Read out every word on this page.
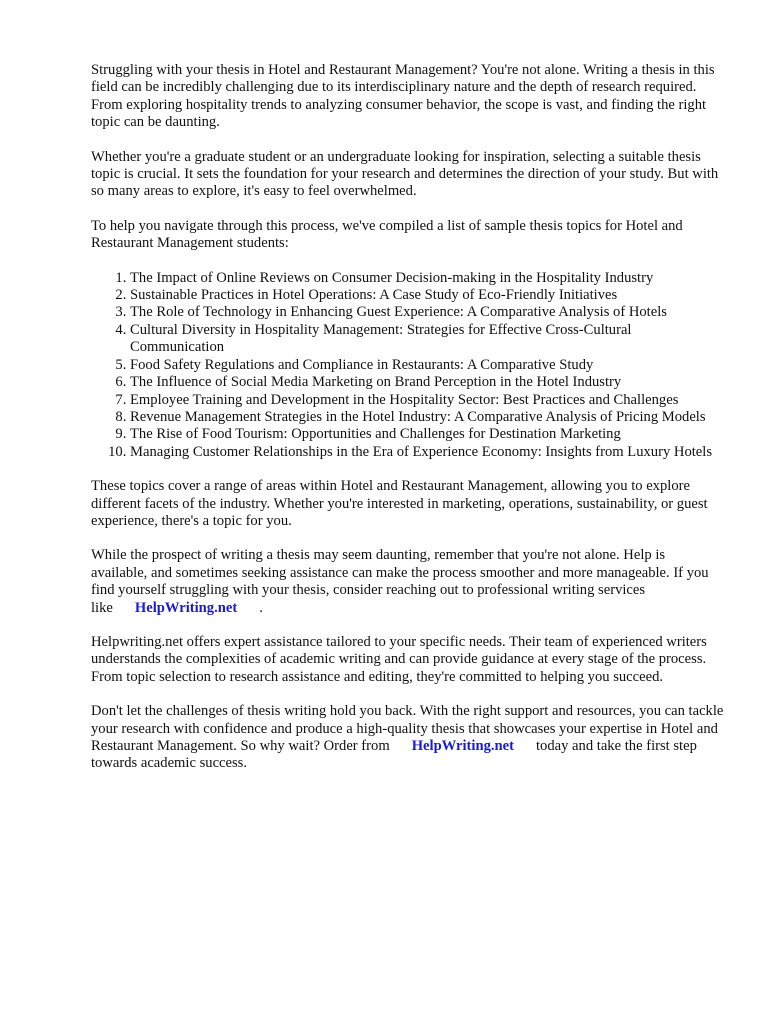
Struggling with your thesis in Hotel and Restaurant Management? You're not alone. Writing a thesis in this field can be incredibly challenging due to its interdisciplinary nature and the depth of research required. From exploring hospitality trends to analyzing consumer behavior, the scope is vast, and finding the right topic can be daunting.

Whether you're a graduate student or an undergraduate looking for inspiration, selecting a suitable thesis topic is crucial. It sets the foundation for your research and determines the direction of your study. But with so many areas to explore, it's easy to feel overwhelmed.

To help you navigate through this process, we've compiled a list of sample thesis topics for Hotel and Restaurant Management students:

1. The Impact of Online Reviews on Consumer Decision-making in the Hospitality Industry
2. Sustainable Practices in Hotel Operations: A Case Study of Eco-Friendly Initiatives
3. The Role of Technology in Enhancing Guest Experience: A Comparative Analysis of Hotels
4. Cultural Diversity in Hospitality Management: Strategies for Effective Cross-Cultural Communication
5. Food Safety Regulations and Compliance in Restaurants: A Comparative Study
6. The Influence of Social Media Marketing on Brand Perception in the Hotel Industry
7. Employee Training and Development in the Hospitality Sector: Best Practices and Challenges
8. Revenue Management Strategies in the Hotel Industry: A Comparative Analysis of Pricing Models
9. The Rise of Food Tourism: Opportunities and Challenges for Destination Marketing
10. Managing Customer Relationships in the Era of Experience Economy: Insights from Luxury Hotels

These topics cover a range of areas within Hotel and Restaurant Management, allowing you to explore different facets of the industry. Whether you're interested in marketing, operations, sustainability, or guest experience, there's a topic for you.

While the prospect of writing a thesis may seem daunting, remember that you're not alone. Help is available, and sometimes seeking assistance can make the process smoother and more manageable. If you find yourself struggling with your thesis, consider reaching out to professional writing services like HelpWriting.net .

Helpwriting.net offers expert assistance tailored to your specific needs. Their team of experienced writers understands the complexities of academic writing and can provide guidance at every stage of the process. From topic selection to research assistance and editing, they're committed to helping you succeed.

Don't let the challenges of thesis writing hold you back. With the right support and resources, you can tackle your research with confidence and produce a high-quality thesis that showcases your expertise in Hotel and Restaurant Management. So why wait? Order from HelpWriting.net today and take the first step towards academic success.
